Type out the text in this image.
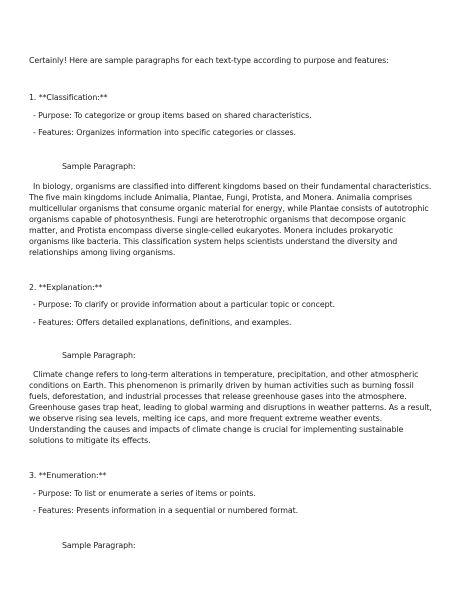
Certainly! Here are sample paragraphs for each text-type according to purpose and features:

1. **Classification:**

- Purpose: To categorize or group items based on shared characteristics.

- Features: Organizes information into specific categories or classes.

Sample Paragraph:

In biology, organisms are classified into different kingdoms based on their fundamental characteristics.

The five main kingdoms include Animalia, Plantae, Fungi, Protista, and Monera. Animalia comprises

multicellular organisms that consume organic material for energy, while Plantae consists of autotrophic

organisms capable of photosynthesis. Fungi are heterotrophic organisms that decompose organic

matter, and Protista encompass diverse single-celled eukaryotes. Monera includes prokaryotic

organisms like bacteria. This classification system helps scientists understand the diversity and

relationships among living organisms.

2. **Explanation:**

- Purpose: To clarify or provide information about a particular topic or concept.

- Features: Offers detailed explanations, definitions, and examples.

Sample Paragraph:

Climate change refers to long-term alterations in temperature, precipitation, and other atmospheric

conditions on Earth. This phenomenon is primarily driven by human activities such as burning fossil

fuels, deforestation, and industrial processes that release greenhouse gases into the atmosphere.

Greenhouse gases trap heat, leading to global warming and disruptions in weather patterns. As a result,

we observe rising sea levels, melting ice caps, and more frequent extreme weather events.

Understanding the causes and impacts of climate change is crucial for implementing sustainable

solutions to mitigate its effects.

3. **Enumeration:**

- Purpose: To list or enumerate a series of items or points.

- Features: Presents information in a sequential or numbered format.

Sample Paragraph:
